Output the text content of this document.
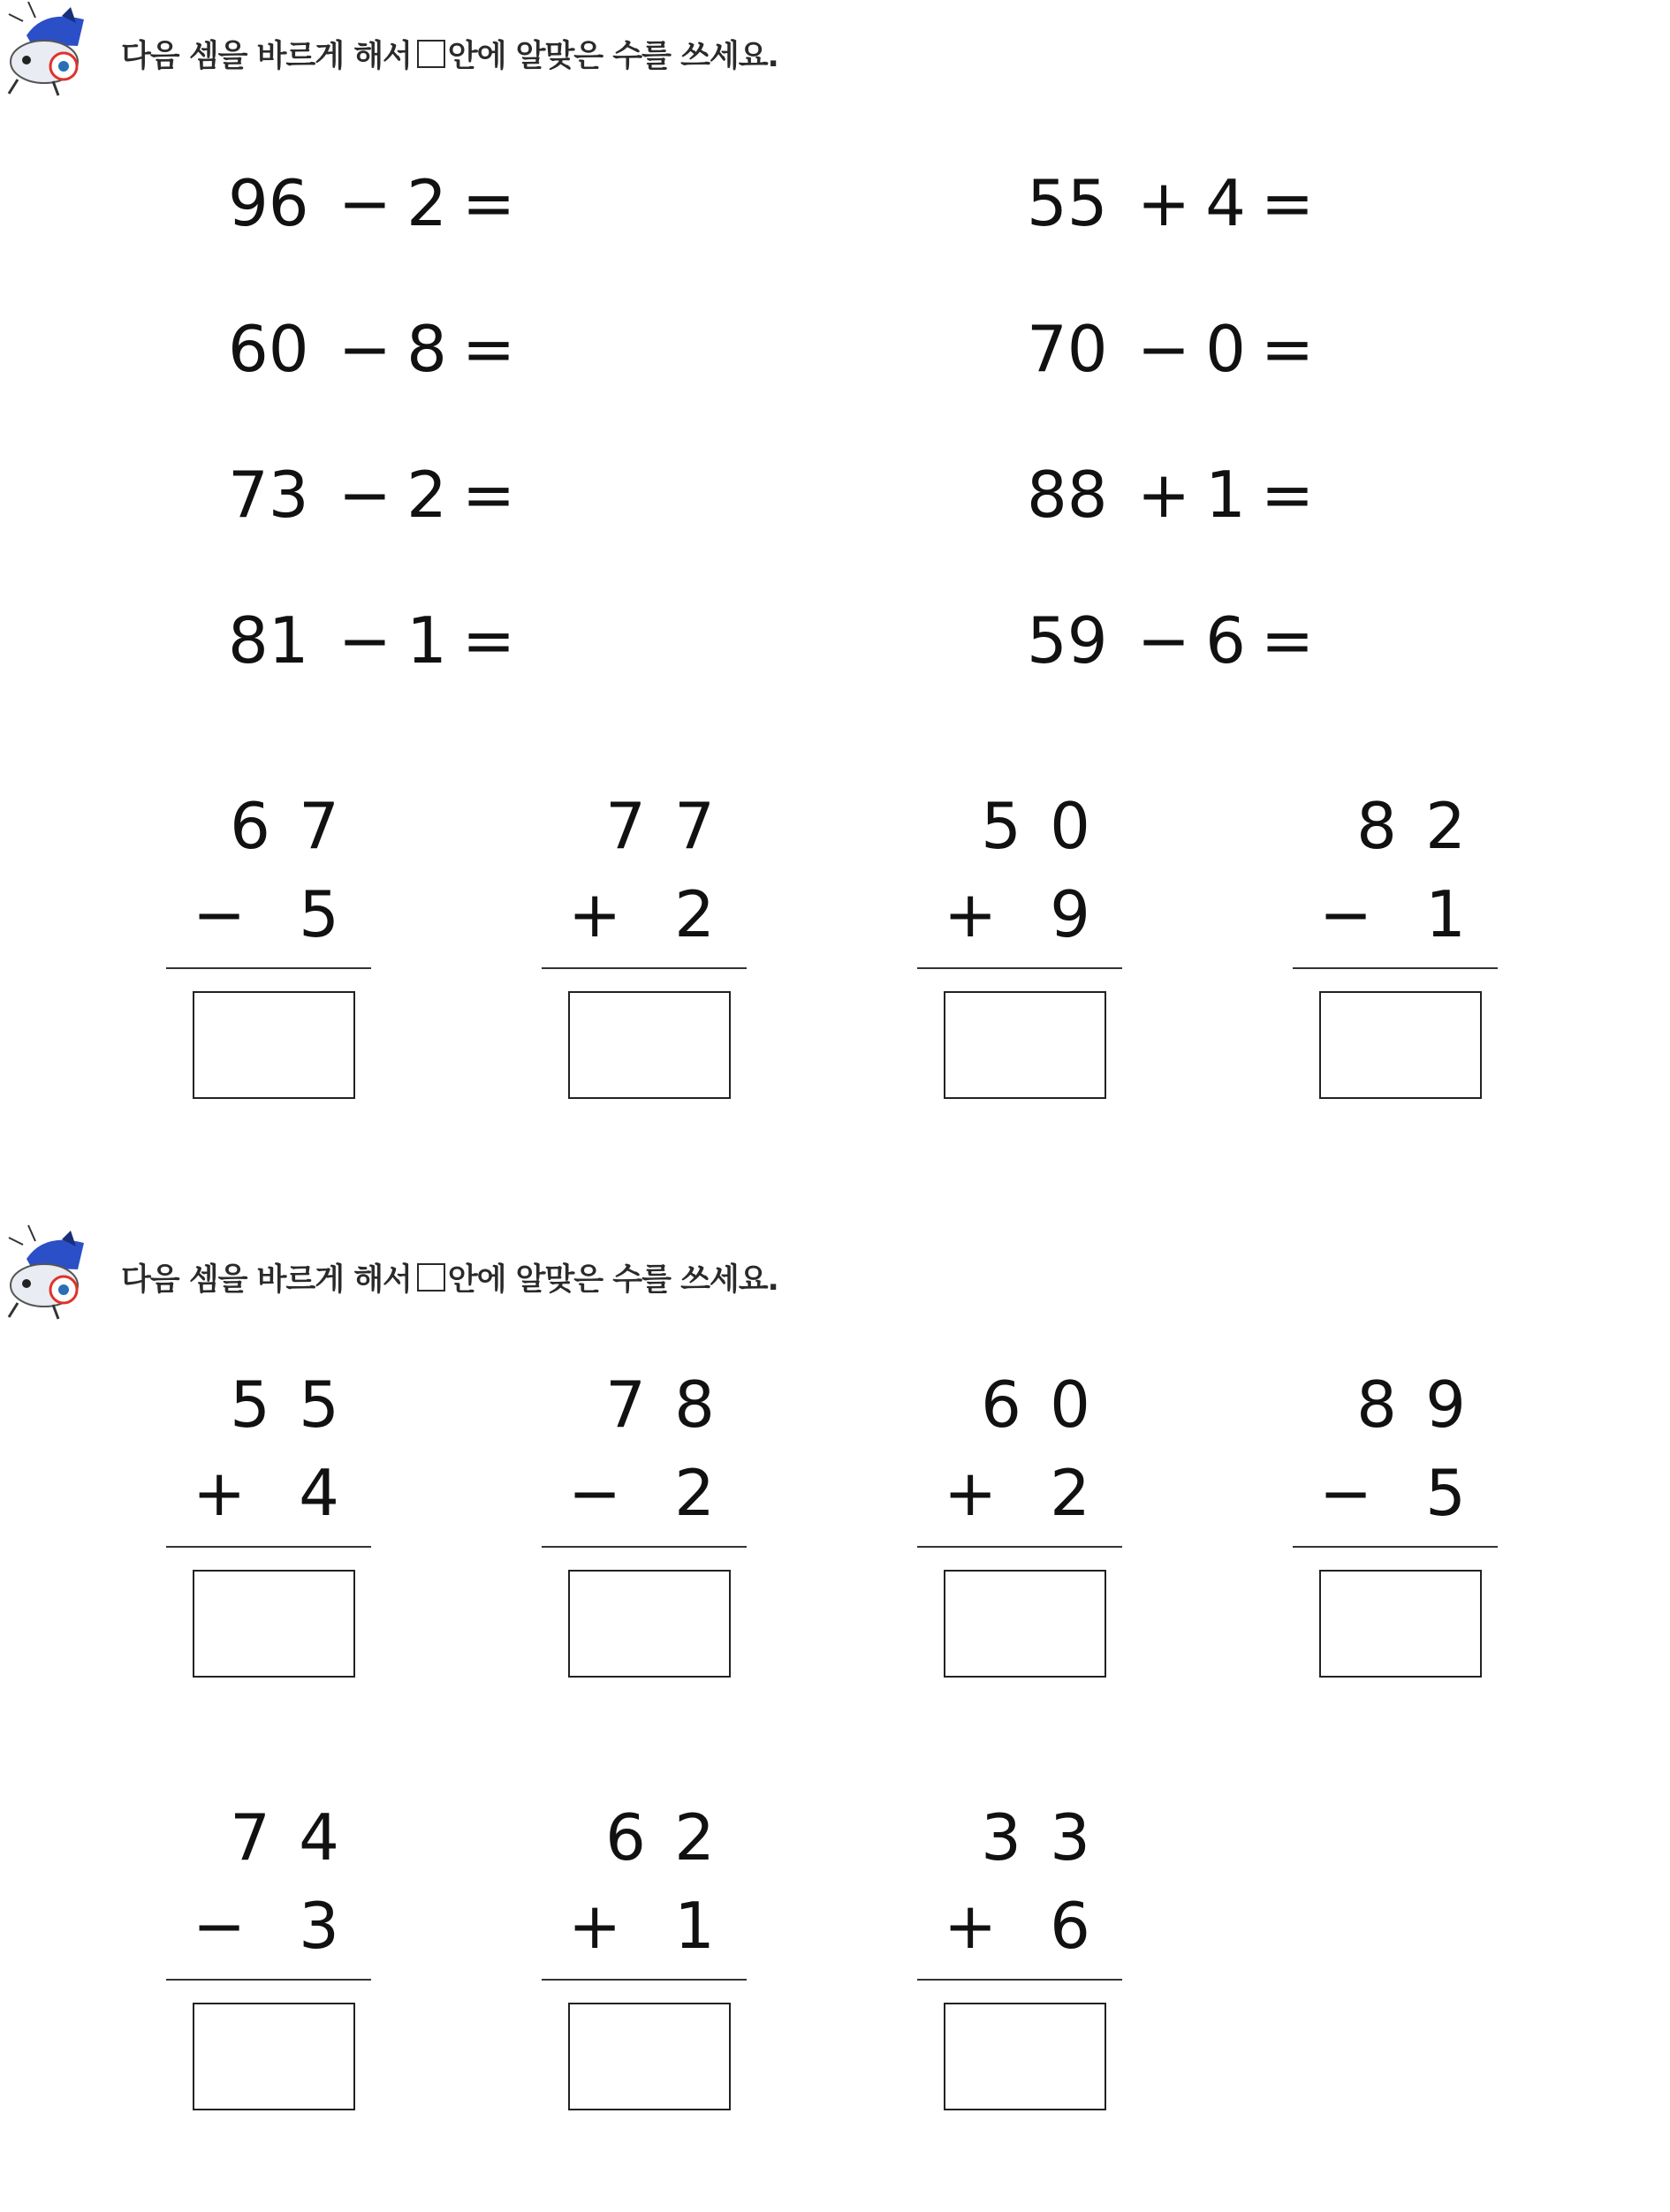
다음 셈을 바르게 해서 안에 알맞은 수를 쓰세요.
96 − 2 =	55 + 4 =
60 − 8 =	70 − 0 =
73 − 2 =	88 + 1 =
81 − 1 =	59 − 6 =
6 7
− 5
7 7
+ 2
5 0
+ 9
8 2
− 1
다음 셈을 바르게 해서 안에 알맞은 수를 쓰세요.
5 5
+ 4
7 8
− 2
6 0
+ 2
8 9
− 5
7 4
− 3
6 2
+ 1
3 3
+ 6
